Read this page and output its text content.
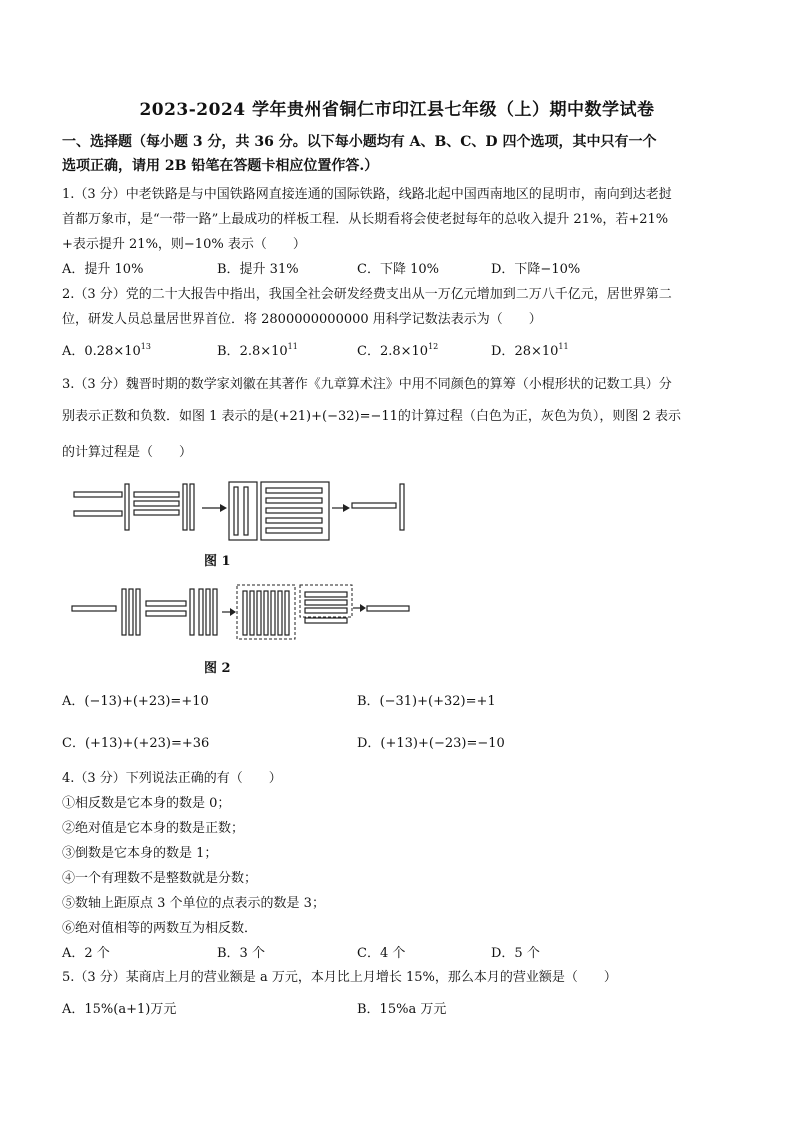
2023-2024 学年贵州省铜仁市印江县七年级（上）期中数学试卷
一、选择题（每小题 3 分，共 36 分。以下每小题均有 A、B、C、D 四个选项，其中只有一个
选项正确，请用 2B 铅笔在答题卡相应位置作答.）
1.（3 分）中老铁路是与中国铁路网直接连通的国际铁路，线路北起中国西南地区的昆明市，南向到达老挝
首都万象市，是“一带一路”上最成功的样板工程．从长期看将会使老挝每年的总收入提升 21%，若+21%
+表示提升 21%，则−10% 表示（　　）
A．提升 10%	B．提升 31%	C．下降 10%	D．下降−10%
2.（3 分）党的二十大报告中指出，我国全社会研发经费支出从一万亿元增加到二万八千亿元，居世界第二
位，研发人员总量居世界首位．将 2800000000000 用科学记数法表示为（　　）
A．$0.28\times 10^{13}$	B．$2.8\times 10^{11}$	C．$2.8\times 10^{12}$	D．$28\times 10^{11}$
3.（3 分）魏晋时期的数学家刘徽在其著作《九章算术注》中用不同颜色的算筹（小棍形状的记数工具）分
别表示正数和负数．如图 1 表示的是(+21)+(−32)=−11的计算过程（白色为正，灰色为负），则图 2 表示
的计算过程是（　　）
图 1
图 2
A．(−13)+(+23)=+10	B．(−31)+(+32)=+1
C．(+13)+(+23)=+36	D．(+13)+(−23)=−10
4.（3 分）下列说法正确的有（　　）
①相反数是它本身的数是 0；
②绝对值是它本身的数是正数；
③倒数是它本身的数是 1；
④一个有理数不是整数就是分数；
⑤数轴上距原点 3 个单位的点表示的数是 3；
⑥绝对值相等的两数互为相反数．
A．2 个	B．3 个	C．4 个	D．5 个
5.（3 分）某商店上月的营业额是 a 万元，本月比上月增长 15%，那么本月的营业额是（　　）
A．15%(a+1)万元	B．15%a 万元
